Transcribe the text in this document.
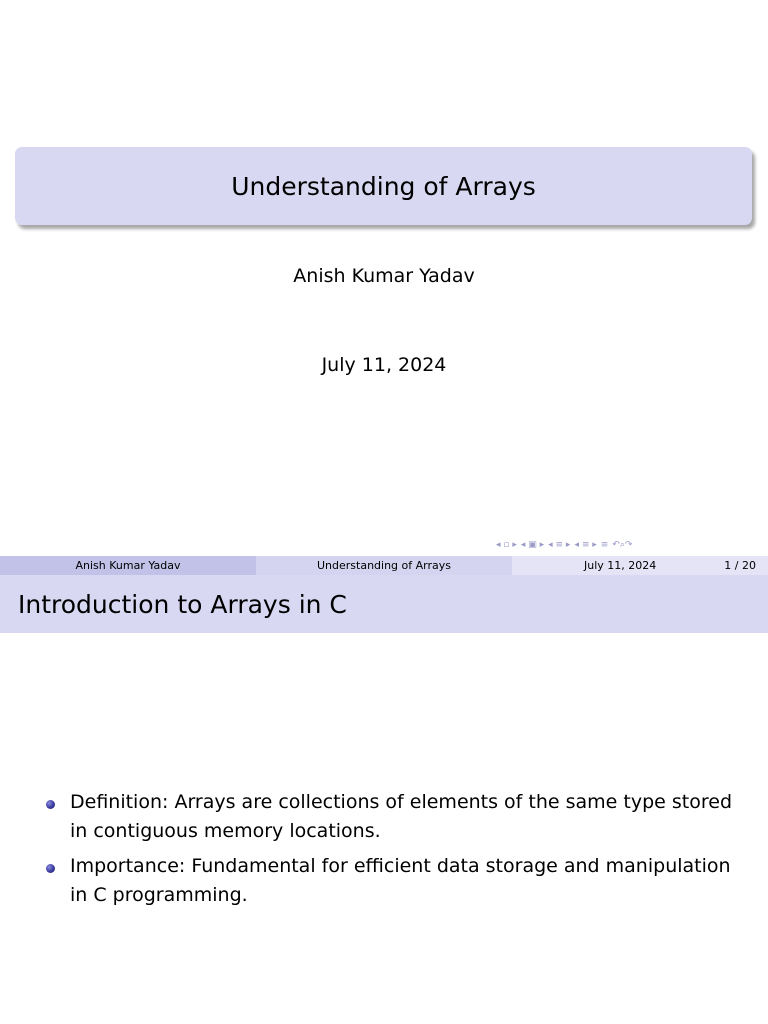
Understanding of Arrays
Anish Kumar Yadav
July 11, 2024
◂ ▫ ▸ ◂ ▣ ▸ ◂ ≡ ▸ ◂ ≡ ▸ ≡ ↶⌕↷
Anish Kumar Yadav	Understanding of Arrays	July 11, 2024	1 / 20
Introduction to Arrays in C
Definition: Arrays are collections of elements of the same type stored in contiguous memory locations.
Importance: Fundamental for efficient data storage and manipulation in C programming.
